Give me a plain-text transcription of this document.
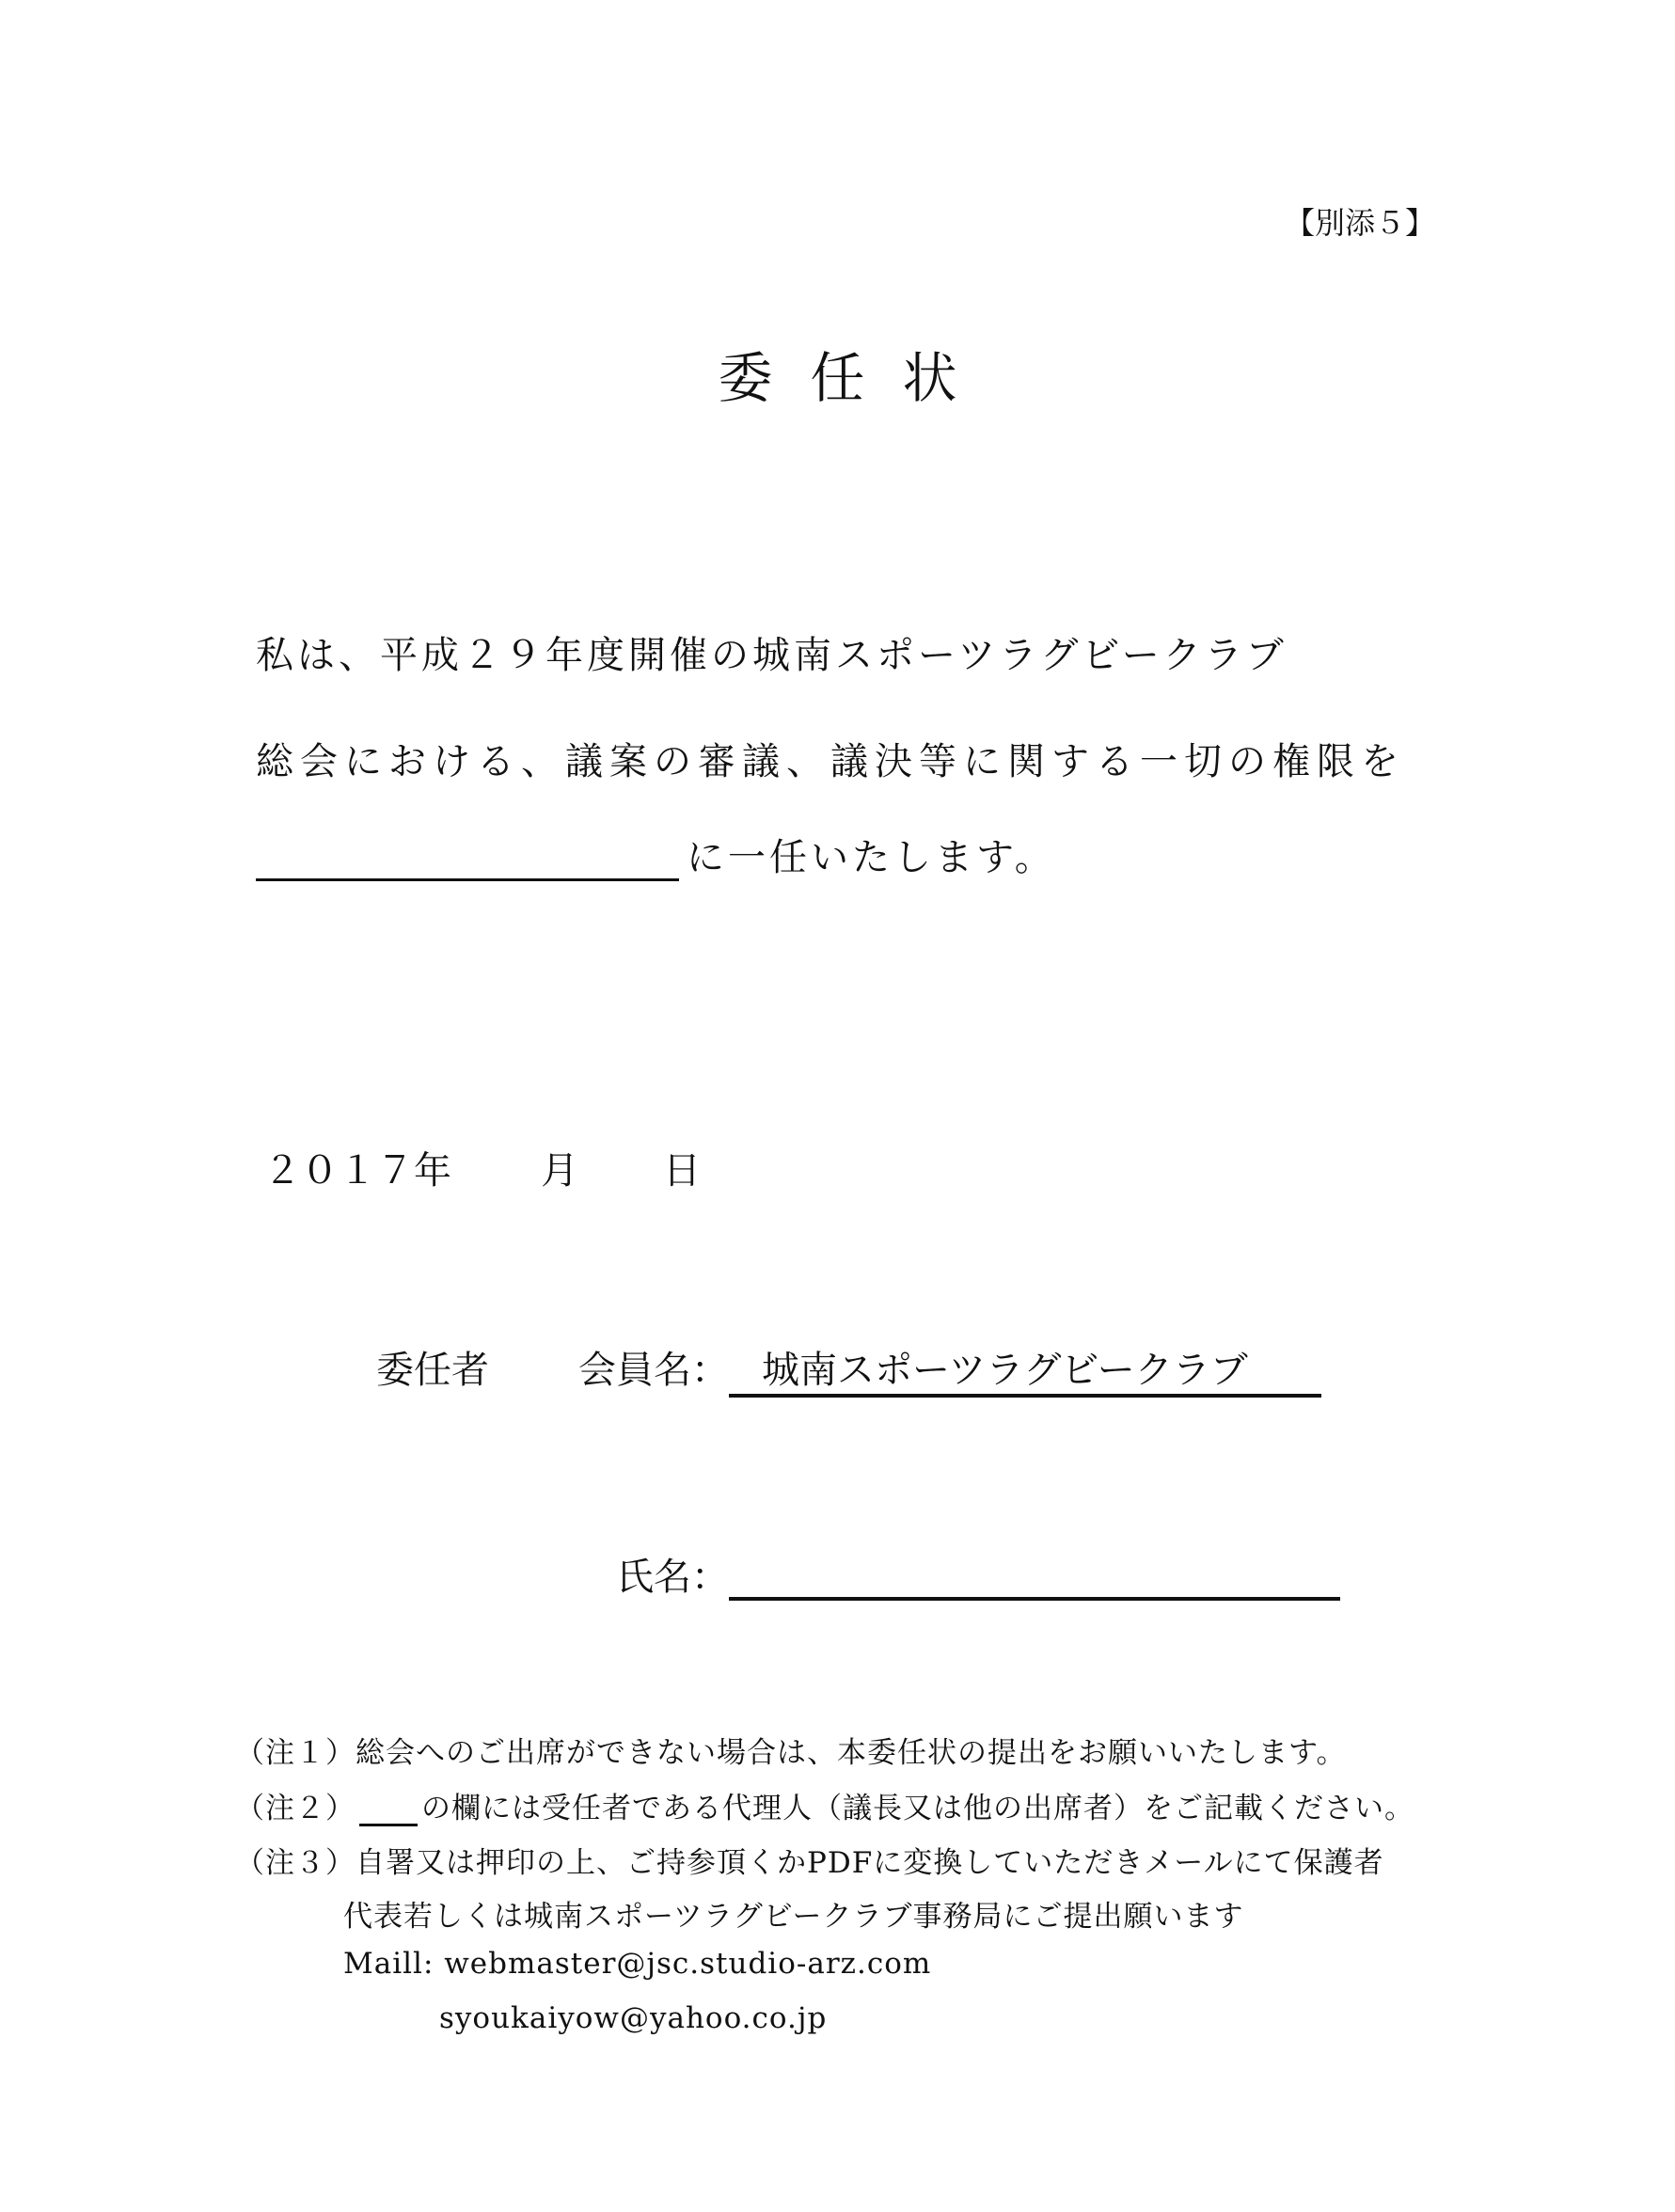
【別添５】
委任状
私は、平成２９年度開催の城南スポーツラグビークラブ
総会における、議案の審議、議決等に関する一切の権限を
に一任いたします。
２０１７年 月 日
委任者 会員名： 城南スポーツラグビークラブ
氏名：
（注１）総会へのご出席ができない場合は、本委任状の提出をお願いいたします。
（注２） の欄には受任者である代理人（議長又は他の出席者）をご記載ください。
（注３）自署又は押印の上、ご持参頂くかPDFに変換していただきメールにて保護者
代表若しくは城南スポーツラグビークラブ事務局にご提出願います
Maill: webmaster@jsc.studio-arz.com
syoukaiyow@yahoo.co.jp
